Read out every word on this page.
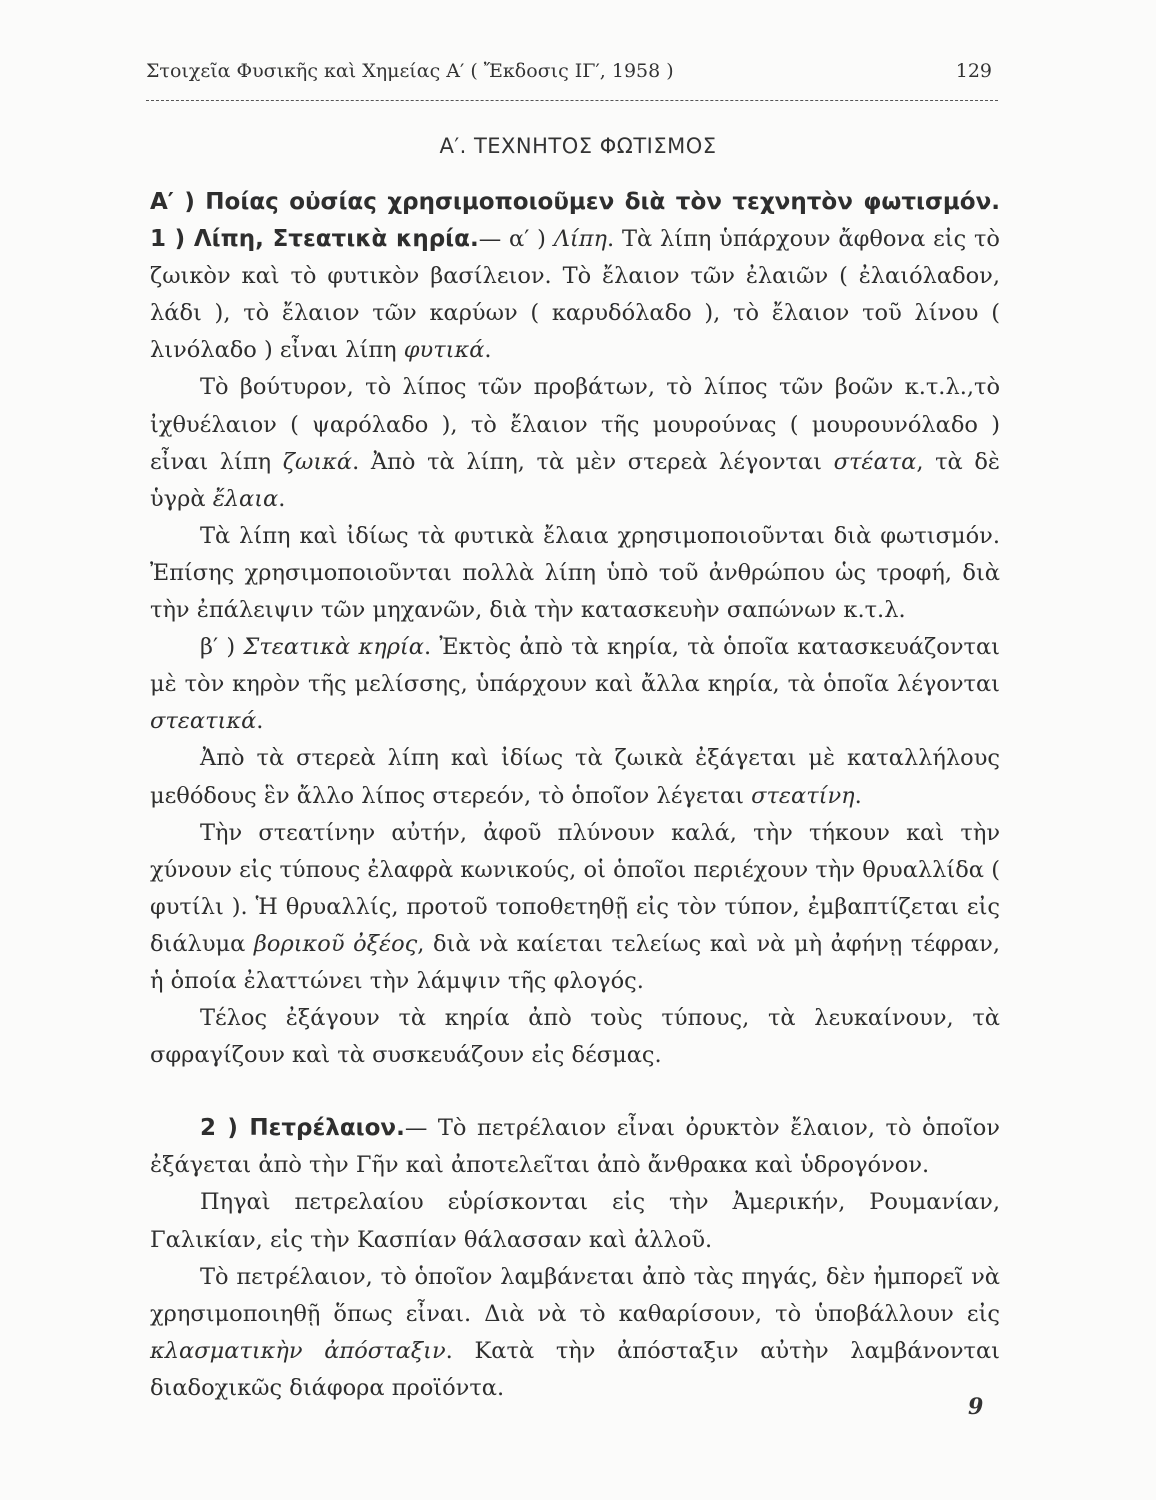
Στοιχεῖα Φυσικῆς καὶ Χημείας Α′ ( Ἔκδοσις ΙΓ′, 1958 )	129
Α′. ΤΕΧΝΗΤΟΣ ΦΩΤΙΣΜΟΣ

Α′ ) Ποίας οὐσίας χρησιμοποιοῦμεν διὰ τὸν τεχνητὸν φωτισμόν. 1 ) Λίπη, Στεατικὰ κηρία.— α′ ) Λίπη. Τὰ λίπη ὑπάρχουν ἄφθονα εἰς τὸ ζωικὸν καὶ τὸ φυτικὸν βασίλειον. Τὸ ἔλαιον τῶν ἐλαιῶν ( ἐλαιόλαδον, λάδι ), τὸ ἔλαιον τῶν καρύων ( καρυδόλαδο ), τὸ ἔλαιον τοῦ λίνου ( λινόλαδο ) εἶναι λίπη φυτικά.

Τὸ βούτυρον, τὸ λίπος τῶν προβάτων, τὸ λίπος τῶν βοῶν κ.τ.λ.,τὸ ἰχθυέλαιον ( ψαρόλαδο ), τὸ ἔλαιον τῆς μουρούνας ( μουρουνόλαδο ) εἶναι λίπη ζωικά. Ἀπὸ τὰ λίπη, τὰ μὲν στερεὰ λέγονται στέατα, τὰ δὲ ὑγρὰ ἔλαια.

Τὰ λίπη καὶ ἰδίως τὰ φυτικὰ ἔλαια χρησιμοποιοῦνται διὰ φωτισμόν. Ἐπίσης χρησιμοποιοῦνται πολλὰ λίπη ὑπὸ τοῦ ἀνθρώπου ὡς τροφή, διὰ τὴν ἐπάλειψιν τῶν μηχανῶν, διὰ τὴν κατασκευὴν σαπώνων κ.τ.λ.

β′ ) Στεατικὰ κηρία. Ἐκτὸς ἀπὸ τὰ κηρία, τὰ ὁποῖα κατασκευάζονται μὲ τὸν κηρὸν τῆς μελίσσης, ὑπάρχουν καὶ ἄλλα κηρία, τὰ ὁποῖα λέγονται στεατικά.

Ἀπὸ τὰ στερεὰ λίπη καὶ ἰδίως τὰ ζωικὰ ἐξάγεται μὲ καταλλήλους μεθόδους ἓν ἄλλο λίπος στερεόν, τὸ ὁποῖον λέγεται στεατίνη.

Τὴν στεατίνην αὐτήν, ἀφοῦ πλύνουν καλά, τὴν τήκουν καὶ τὴν χύνουν εἰς τύπους ἐλαφρὰ κωνικούς, οἱ ὁποῖοι περιέχουν τὴν θρυαλλίδα ( φυτίλι ). Ἡ θρυαλλίς, προτοῦ τοποθετηθῇ εἰς τὸν τύπον, ἐμβαπτίζεται εἰς διάλυμα βορικοῦ ὀξέος, διὰ νὰ καίεται τελείως καὶ νὰ μὴ ἀφήνῃ τέφραν, ἡ ὁποία ἐλαττώνει τὴν λάμψιν τῆς φλογός.

Τέλος ἐξάγουν τὰ κηρία ἀπὸ τοὺς τύπους, τὰ λευκαίνουν, τὰ σφραγίζουν καὶ τὰ συσκευάζουν εἰς δέσμας.

2 ) Πετρέλαιον.— Τὸ πετρέλαιον εἶναι ὀρυκτὸν ἔλαιον, τὸ ὁποῖον ἐξάγεται ἀπὸ τὴν Γῆν καὶ ἀποτελεῖται ἀπὸ ἄνθρακα καὶ ὑδρογόνον.

Πηγαὶ πετρελαίου εὑρίσκονται εἰς τὴν Ἀμερικήν, Ρουμανίαν, Γαλικίαν, εἰς τὴν Κασπίαν θάλασσαν καὶ ἀλλοῦ.

Τὸ πετρέλαιον, τὸ ὁποῖον λαμβάνεται ἀπὸ τὰς πηγάς, δὲν ἠμπορεῖ νὰ χρησιμοποιηθῇ ὅπως εἶναι. Διὰ νὰ τὸ καθαρίσουν, τὸ ὑποβάλλουν εἰς κλασματικὴν ἀπόσταξιν. Κατὰ τὴν ἀπόσταξιν αὐτὴν λαμβάνονται διαδοχικῶς διάφορα προϊόντα.

9
